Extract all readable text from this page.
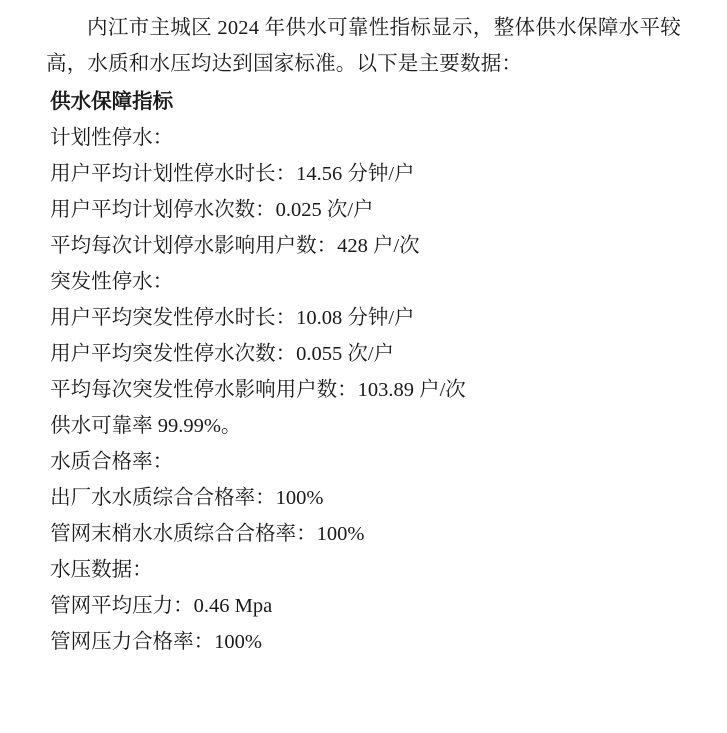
内江市主城区 2024 年供水可靠性指标显示，整体供水保障水平较高，水质和水压均达到国家标准。以下是主要数据：

供水保障指标

计划性停水：

用户平均计划性停水时长：14.56 分钟/户

用户平均计划停水次数：0.025 次/户

平均每次计划停水影响用户数：428 户/次

突发性停水：

用户平均突发性停水时长：10.08 分钟/户

用户平均突发性停水次数：0.055 次/户

平均每次突发性停水影响用户数：103.89 户/次

供水可靠率 99.99%。

水质合格率：

出厂水水质综合合格率：100%

管网末梢水水质综合合格率：100%

水压数据：

管网平均压力：0.46 Mpa

管网压力合格率：100%
